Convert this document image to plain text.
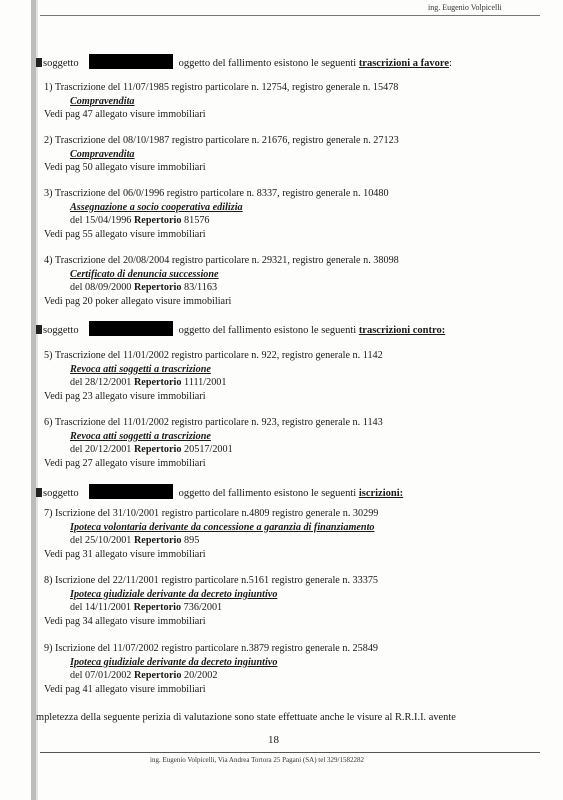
ing. Eugenio Volpicelli
soggetto	oggetto del fallimento esistono le seguenti trascrizioni a favore:
1) Trascrizione del 11/07/1985 registro particolare n. 12754, registro generale n. 15478
Compravendita
Vedi pag 47 allegato visure immobiliari
2) Trascrizione del 08/10/1987 registro particolare n. 21676, registro generale n. 27123
Compravendita
Vedi pag 50 allegato visure immobiliari
3) Trascrizione del 06/0/1996 registro particolare n. 8337, registro generale n. 10480
Assegnazione a socio cooperativa edilizia
del 15/04/1996 Repertorio 81576
Vedi pag 55 allegato visure immobiliari
4) Trascrizione del 20/08/2004 registro particolare n. 29321, registro generale n. 38098
Certificato di denuncia successione
del 08/09/2000 Repertorio 83/1163
Vedi pag 20 poker allegato visure immobiliari
soggetto	oggetto del fallimento esistono le seguenti trascrizioni contro:
5) Trascrizione del 11/01/2002 registro particolare n. 922, registro generale n. 1142
Revoca atti soggetti a trascrizione
del 28/12/2001 Repertorio 1111/2001
Vedi pag 23 allegato visure immobiliari
6) Trascrizione del 11/01/2002 registro particolare n. 923, registro generale n. 1143
Revoca atti soggetti a trascrizione
del 20/12/2001 Repertorio 20517/2001
Vedi pag 27 allegato visure immobiliari
soggetto	oggetto del fallimento esistono le seguenti iscrizioni:
7) Iscrizione del 31/10/2001 registro particolare n.4809 registro generale n. 30299
Ipoteca volontaria derivante da concessione a garanzia di finanziamento
del 25/10/2001 Repertorio 895
Vedi pag 31 allegato visure immobiliari
8) Iscrizione del 22/11/2001 registro particolare n.5161 registro generale n. 33375
Ipoteca giudiziale derivante da decreto ingiuntivo
del 14/11/2001 Repertorio 736/2001
Vedi pag 34 allegato visure immobiliari
9) Iscrizione del 11/07/2002 registro particolare n.3879 registro generale n. 25849
Ipoteca giudiziale derivante da decreto ingiuntivo
del 07/01/2002 Repertorio 20/2002
Vedi pag 41 allegato visure immobiliari
mpletezza della seguente perizia di valutazione sono state effettuate anche le visure al R.R.I.I. avente
18
ing. Eugenio Volpicelli, Via Andrea Tortora 25 Pagani (SA) tel 329/1582282
